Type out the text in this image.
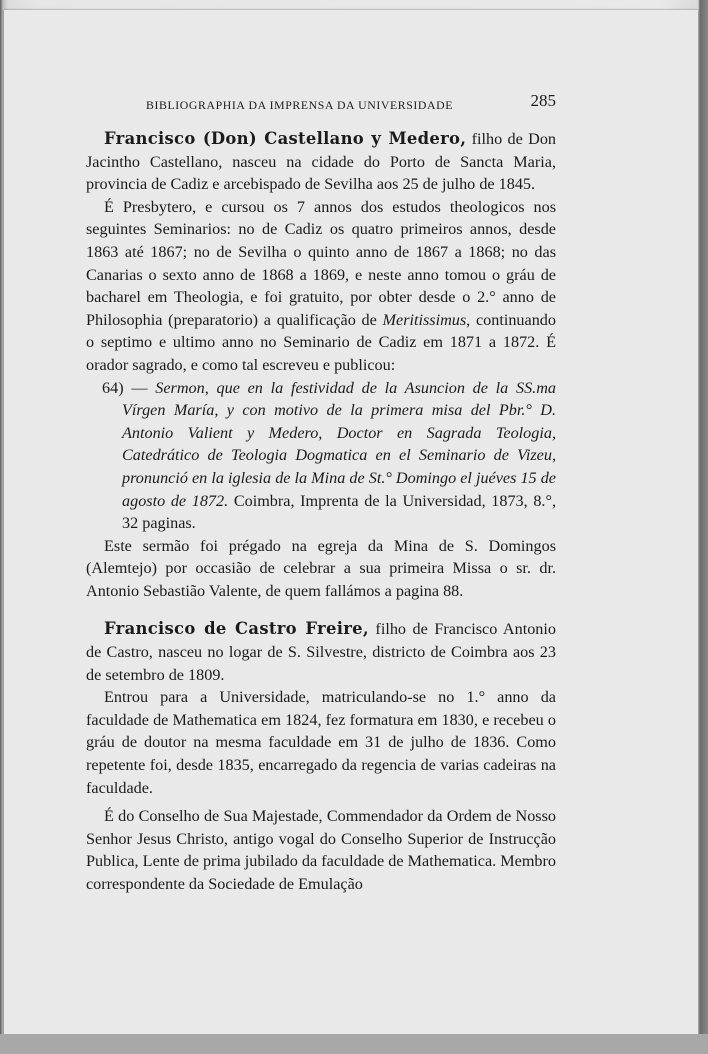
BIBLIOGRAPHIA DA IMPRENSA DA UNIVERSIDADE	285

Francisco (Don) Castellano y Medero, filho de Don Jacintho Castellano, nasceu na cidade do Porto de Sancta Maria, provincia de Cadiz e arcebispado de Sevilha aos 25 de julho de 1845.

É Presbytero, e cursou os 7 annos dos estudos theologicos nos seguintes Seminarios: no de Cadiz os quatro primeiros annos, desde 1863 até 1867; no de Sevilha o quinto anno de 1867 a 1868; no das Canarias o sexto anno de 1868 a 1869, e neste anno tomou o gráu de bacharel em Theologia, e foi gratuito, por obter desde o 2.° anno de Philosophia (preparatorio) a qualificação de Meritissimus, continuando o septimo e ultimo anno no Seminario de Cadiz em 1871 a 1872. É orador sagrado, e como tal escreveu e publicou:

64) — Sermon, que en la festividad de la Asuncion de la SS.ma Vírgen María, y con motivo de la primera misa del Pbr.° D. Antonio Valient y Medero, Doctor en Sagrada Teologia, Catedrático de Teologia Dogmatica en el Seminario de Vizeu, pronunció en la iglesia de la Mina de St.° Domingo el juéves 15 de agosto de 1872. Coimbra, Imprenta de la Universidad, 1873, 8.°, 32 paginas.

Este sermão foi prégado na egreja da Mina de S. Domingos (Alemtejo) por occasião de celebrar a sua primeira Missa o sr. dr. Antonio Sebastião Valente, de quem fallámos a pagina 88.

Francisco de Castro Freire, filho de Francisco Antonio de Castro, nasceu no logar de S. Silvestre, districto de Coimbra aos 23 de setembro de 1809.

Entrou para a Universidade, matriculando-se no 1.° anno da faculdade de Mathematica em 1824, fez formatura em 1830, e recebeu o gráu de doutor na mesma faculdade em 31 de julho de 1836. Como repetente foi, desde 1835, encarregado da regencia de varias cadeiras na faculdade.

É do Conselho de Sua Majestade, Commendador da Ordem de Nosso Senhor Jesus Christo, antigo vogal do Conselho Superior de Instrucção Publica, Lente de prima jubilado da faculdade de Mathematica. Membro correspondente da Sociedade de Emulação
